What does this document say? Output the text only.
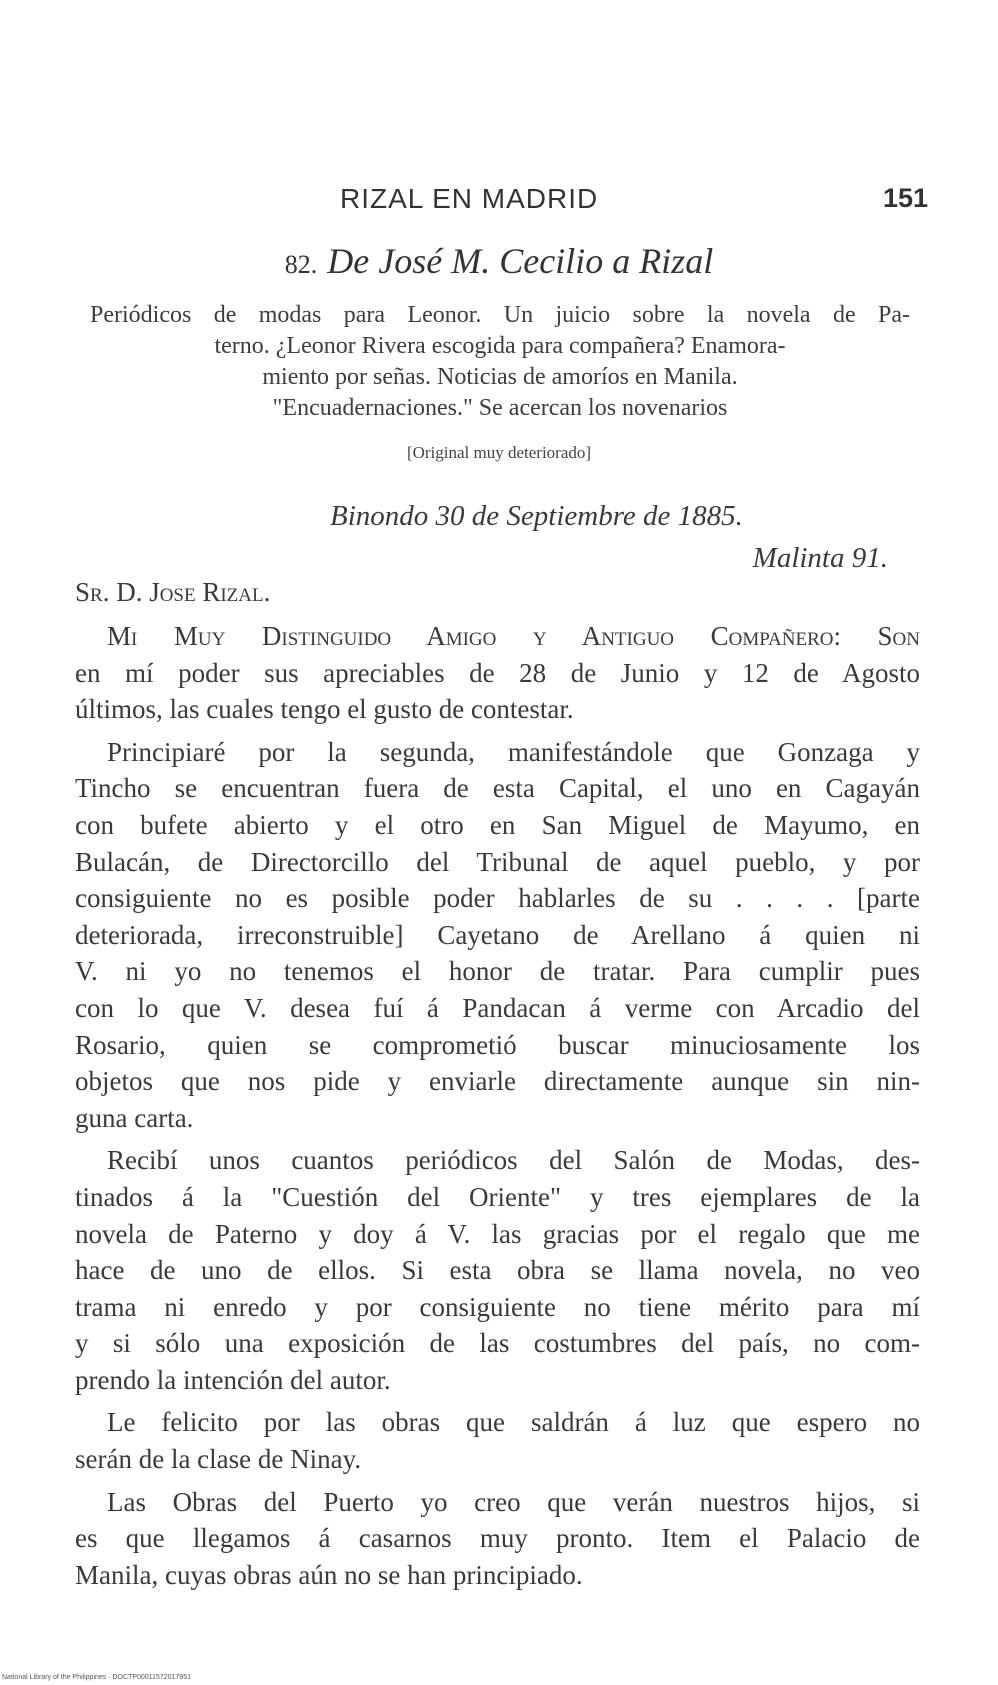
RIZAL EN MADRID	151
82. De José M. Cecilio a Rizal
Periódicos de modas para Leonor. Un juicio sobre la novela de Pa-
terno. ¿Leonor Rivera escogida para compañera? Enamora-
miento por señas. Noticias de amoríos en Manila.
"Encuadernaciones." Se acercan los novenarios
[Original muy deteriorado]
Binondo 30 de Septiembre de 1885.
Malinta 91.
Sr. D. Jose Rizal.

Mi Muy Distinguido Amigo y Antiguo Compañero: Son
en mí poder sus apreciables de 28 de Junio y 12 de Agosto
últimos, las cuales tengo el gusto de contestar.

Principiaré por la segunda, manifestándole que Gonzaga y
Tincho se encuentran fuera de esta Capital, el uno en Cagayán
con bufete abierto y el otro en San Miguel de Mayumo, en
Bulacán, de Directorcillo del Tribunal de aquel pueblo, y por
consiguiente no es posible poder hablarles de su . . . . [parte
deteriorada, irreconstruible] Cayetano de Arellano á quien ni
V. ni yo no tenemos el honor de tratar. Para cumplir pues
con lo que V. desea fuí á Pandacan á verme con Arcadio del
Rosario, quien se comprometió buscar minuciosamente los
objetos que nos pide y enviarle directamente aunque sin nin-
guna carta.

Recibí unos cuantos periódicos del Salón de Modas, des-
tinados á la "Cuestión del Oriente" y tres ejemplares de la
novela de Paterno y doy á V. las gracias por el regalo que me
hace de uno de ellos. Si esta obra se llama novela, no veo
trama ni enredo y por consiguiente no tiene mérito para mí
y si sólo una exposición de las costumbres del país, no com-
prendo la intención del autor.

Le felicito por las obras que saldrán á luz que espero no
serán de la clase de Ninay.

Las Obras del Puerto yo creo que verán nuestros hijos, si
es que llegamos á casarnos muy pronto. Item el Palacio de
Manila, cuyas obras aún no se han principiado.

National Library of the Philippines · DOCTP00011572017951
